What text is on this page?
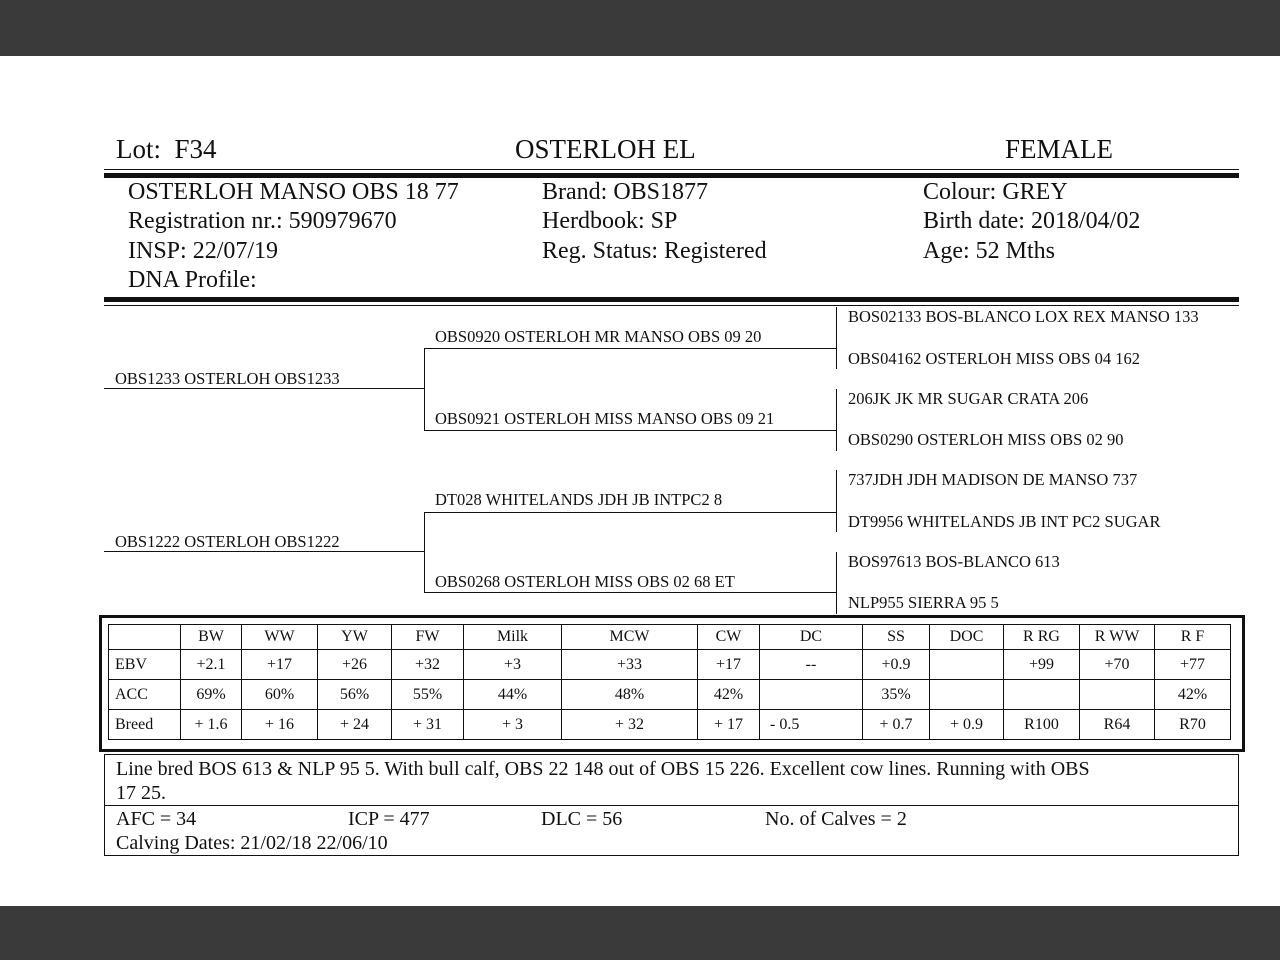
Lot: F34	OSTERLOH EL	FEMALE
OSTERLOH MANSO OBS 18 77
Registration nr.: 590979670
INSP: 22/07/19
DNA Profile:
Brand: OBS1877
Herdbook: SP
Reg. Status: Registered
Colour: GREY
Birth date: 2018/04/02
Age: 52 Mths
OBS1233 OSTERLOH OBS1233
OBS1222 OSTERLOH OBS1222
OBS0920 OSTERLOH MR MANSO OBS 09 20
OBS0921 OSTERLOH MISS MANSO OBS 09 21
DT028 WHITELANDS JDH JB INTPC2 8
OBS0268 OSTERLOH MISS OBS 02 68 ET
BOS02133 BOS-BLANCO LOX REX MANSO 133
OBS04162 OSTERLOH MISS OBS 04 162
206JK JK MR SUGAR CRATA 206
OBS0290 OSTERLOH MISS OBS 02 90
737JDH JDH MADISON DE MANSO 737
DT9956 WHITELANDS JB INT PC2 SUGAR
BOS97613 BOS-BLANCO 613
NLP955 SIERRA 95 5
	BW	WW	YW	FW	Milk	MCW	CW	DC	SS	DOC	R RG	R WW	R F
EBV	+2.1	+17	+26	+32	+3	+33	+17	--	+0.9		+99	+70	+77
ACC	69%	60%	56%	55%	44%	48%	42%		35%				42%
Breed	+ 1.6	+ 16	+ 24	+ 31	+ 3	+ 32	+ 17	- 0.5	+ 0.7	+ 0.9	R100	R64	R70
Line bred BOS 613 & NLP 95 5. With bull calf, OBS 22 148 out of OBS 15 226. Excellent cow lines. Running with OBS
17 25.
AFC = 34	ICP = 477	DLC = 56	No. of Calves = 2
Calving Dates: 21/02/18 22/06/10
